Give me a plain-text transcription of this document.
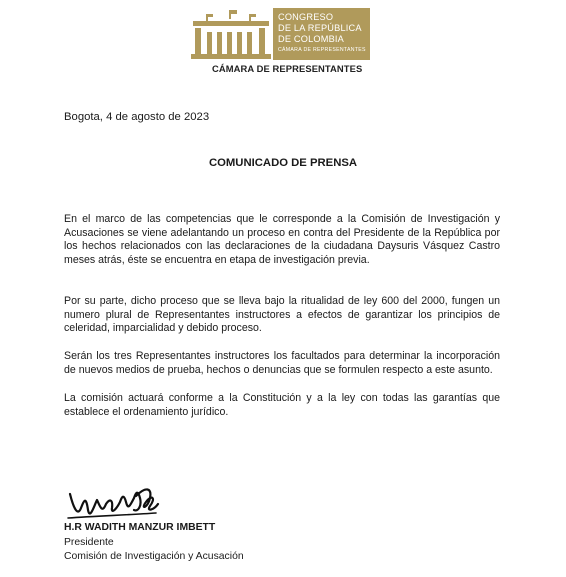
CONGRESO
DE LA REPÚBLICA
DE COLOMBIA
CÁMARA DE REPRESENTANTES
CÁMARA DE REPRESENTANTES
Bogota, 4 de agosto de 2023
COMUNICADO DE PRENSA

En el marco de las competencias que le corresponde a la Comisión de Investigación y Acusaciones se viene adelantando un proceso en contra del Presidente de la República por los hechos relacionados con las declaraciones de la ciudadana Daysuris Vásquez Castro meses atrás, éste se encuentra en etapa de investigación previa.

Por su parte, dicho proceso que se lleva bajo la ritualidad de ley 600 del 2000, fungen un numero plural de Representantes instructores a efectos de garantizar los principios de celeridad, imparcialidad y debido proceso.

Serán los tres Representantes instructores los facultados para determinar la incorporación de nuevos medios de prueba, hechos o denuncias que se formulen respecto a este asunto.

La comisión actuará conforme a la Constitución y a la ley con todas las garantías que establece el ordenamiento jurídico.

H.R WADITH MANZUR IMBETT
Presidente
Comisión de Investigación y Acusación
